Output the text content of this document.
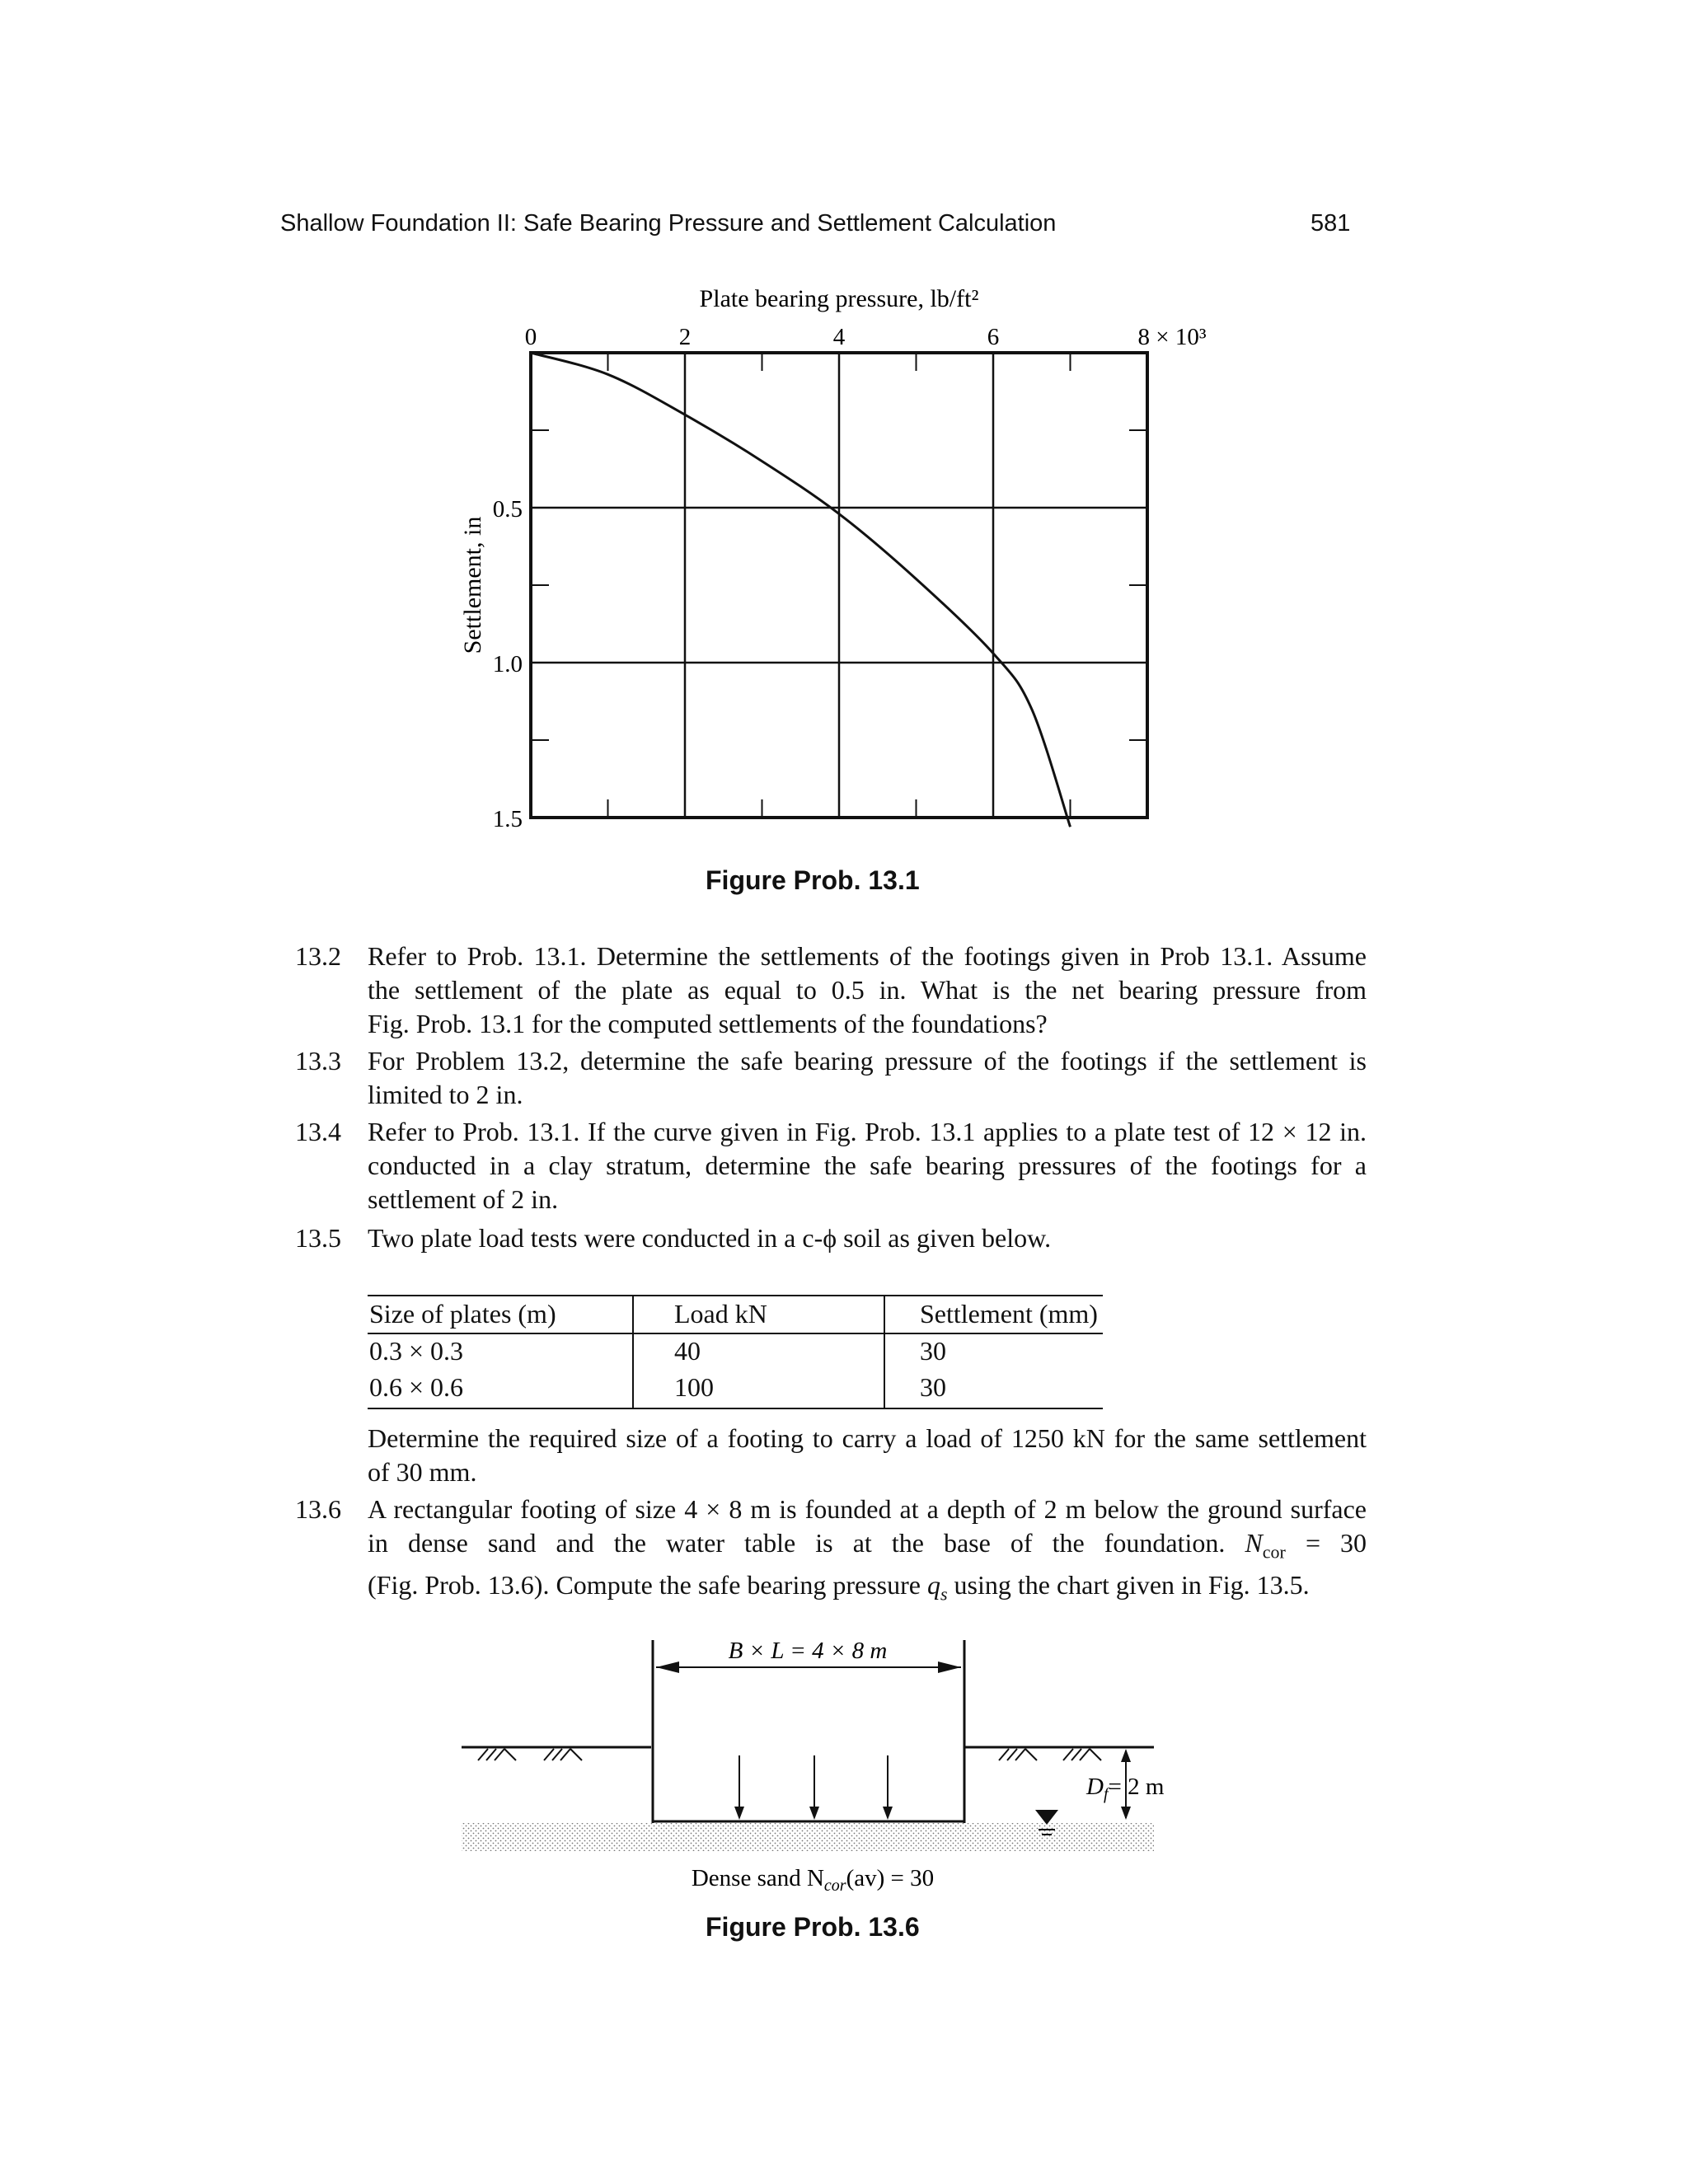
Shallow Foundation II: Safe Bearing Pressure and Settlement Calculation	581
Plate bearing pressure, lb/ft²
Settlement, in
0	2	4	6	8 × 10³
0.5
1.0
1.5
Figure Prob. 13.1
13.2 Refer to Prob. 13.1. Determine the settlements of the footings given in Prob 13.1. Assume
the settlement of the plate as equal to 0.5 in. What is the net bearing pressure from
Fig. Prob. 13.1 for the computed settlements of the foundations?
13.3 For Problem 13.2, determine the safe bearing pressure of the footings if the settlement is
limited to 2 in.
13.4 Refer to Prob. 13.1. If the curve given in Fig. Prob. 13.1 applies to a plate test of 12 × 12 in.
conducted in a clay stratum, determine the safe bearing pressures of the footings for a
settlement of 2 in.
13.5 Two plate load tests were conducted in a c-ϕ soil as given below.
Size of plates (m)	Load kN	Settlement (mm)
0.3 × 0.3	40	30
0.6 × 0.6	100	30
Determine the required size of a footing to carry a load of 1250 kN for the same settlement
of 30 mm.
13.6 A rectangular footing of size 4 × 8 m is founded at a depth of 2 m below the ground surface
in dense sand and the water table is at the base of the foundation. $N_{cor} = 30$
(Fig. Prob. 13.6). Compute the safe bearing pressure $q_s$ using the chart given in Fig. 13.5.
B × L = 4 × 8 m
$D_f= 2$ m
Dense sand $N_{cor}(av) = 30$
Figure Prob. 13.6
